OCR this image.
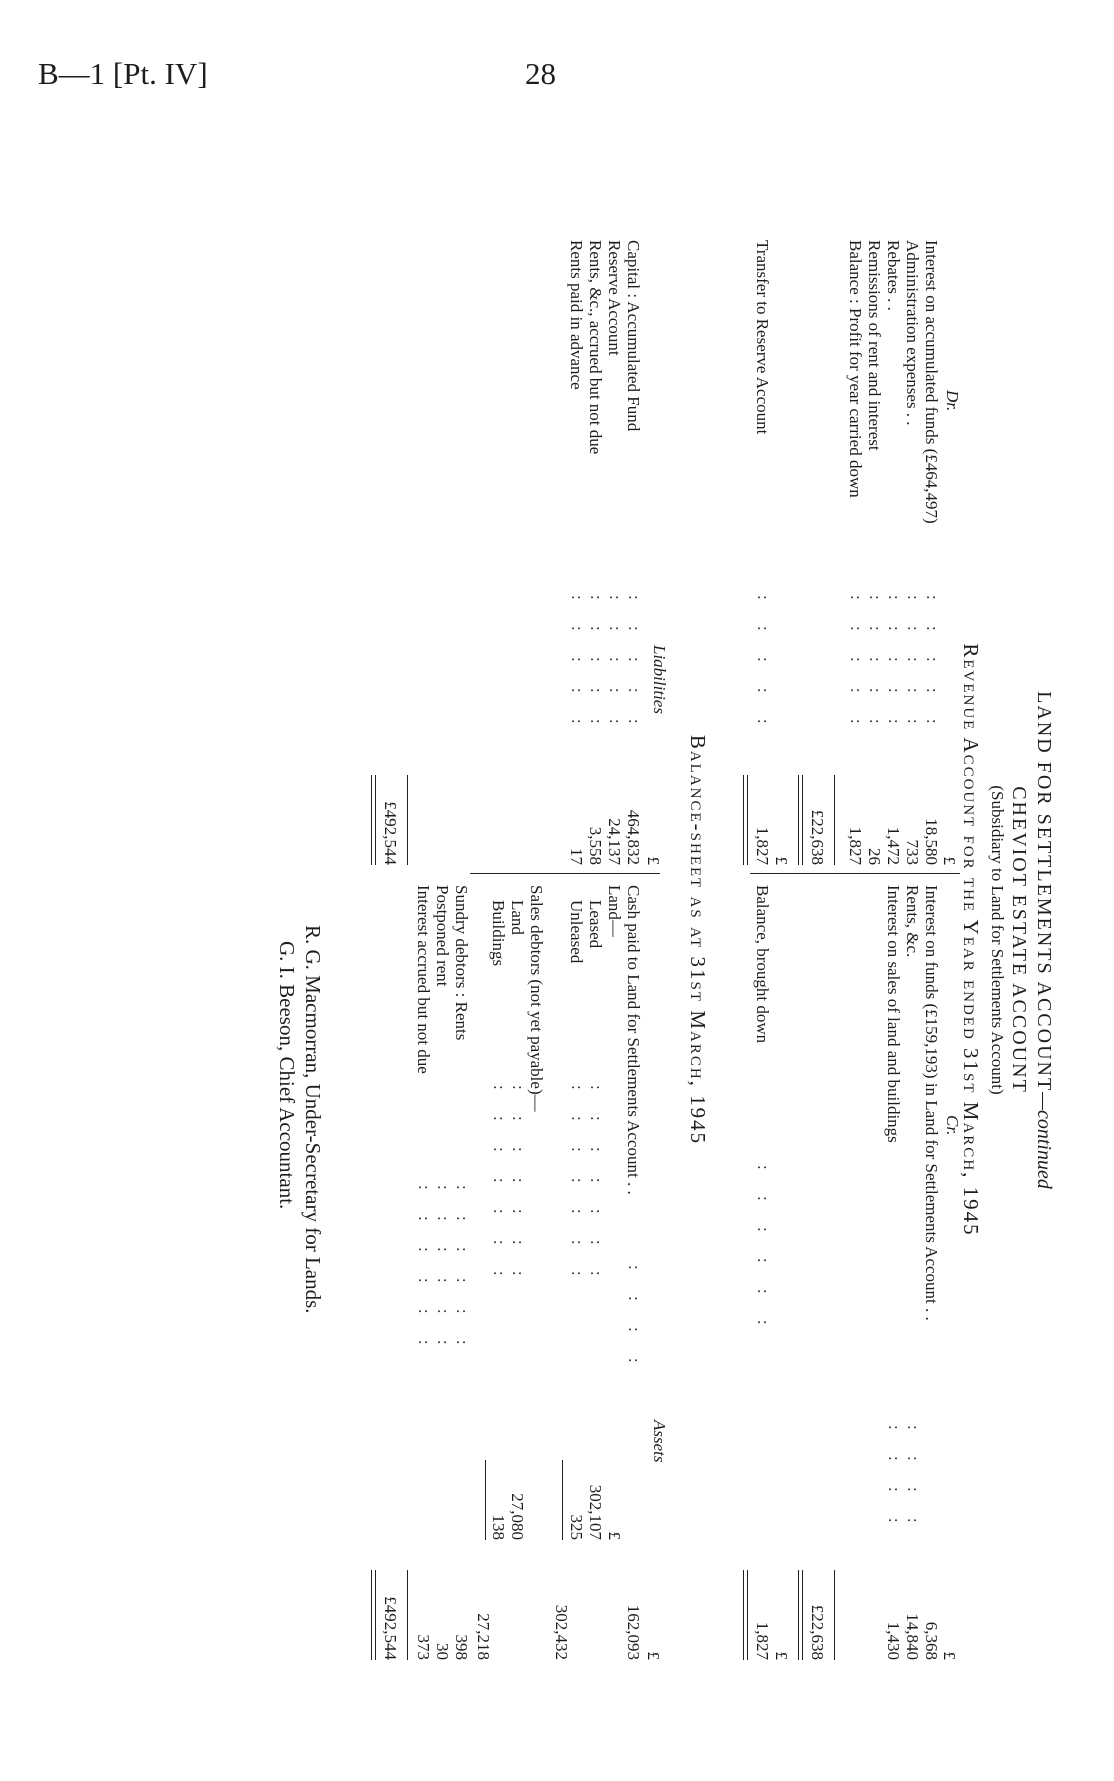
B—1 [Pt. IV]	28
LAND FOR SETTLEMENTS ACCOUNT—continued
CHEVIOT ESTATE ACCOUNT
(Subsidiary to Land for Settlements Account)
Revenue Account for the Year ended 31st March, 1945
Dr.
Cr.
£
£
Interest on accumulated funds (£464,497)
Administration expenses . .
Rebates . .
Remissions of rent and interest
Balance : Profit for year carried down
: : : : :
: : : : :
: : : : :
: : : : :
: : : : :
18,580
733
1,472
26
1,827
Interest on funds (£159,193) in Land for Settlements Account . .
Rents, &c.
Interest on sales of land and buildings
: : : :
: : : :
6,368
14,840
1,430
£22,638
£22,638
£
£
Transfer to Reserve Account
: : : : :
1,827
Balance, brought down
: : : : : :
1,827
Balance-sheet as at 31st March, 1945
Liabilities
Assets
£
£
Capital : Accumulated Fund
Reserve Account
Rents, &c., accrued but not due
Rents paid in advance
: : : : :
: : : : :
: : : : :
: : : : :
464,832
24,137
3,558
17
Cash paid to Land for Settlements Account . .
: : : :
162,093
Land—
£
Leased
Unleased
: : : : : : :
: : : : : : :
302,107
325
302,432
Sales debtors (not yet payable)—
Land
Buildings
: : : : : : :
: : : : : : :
27,080
138
27,218
Sundry debtors : Rents
Postponed rent
Interest accrued but not due
: : : : : :
: : : : : :
: : : : : :
398
30
373
£492,544
£492,544
R. G. Macmorran, Under-Secretary for Lands.
G. I. Beeson, Chief Accountant.
